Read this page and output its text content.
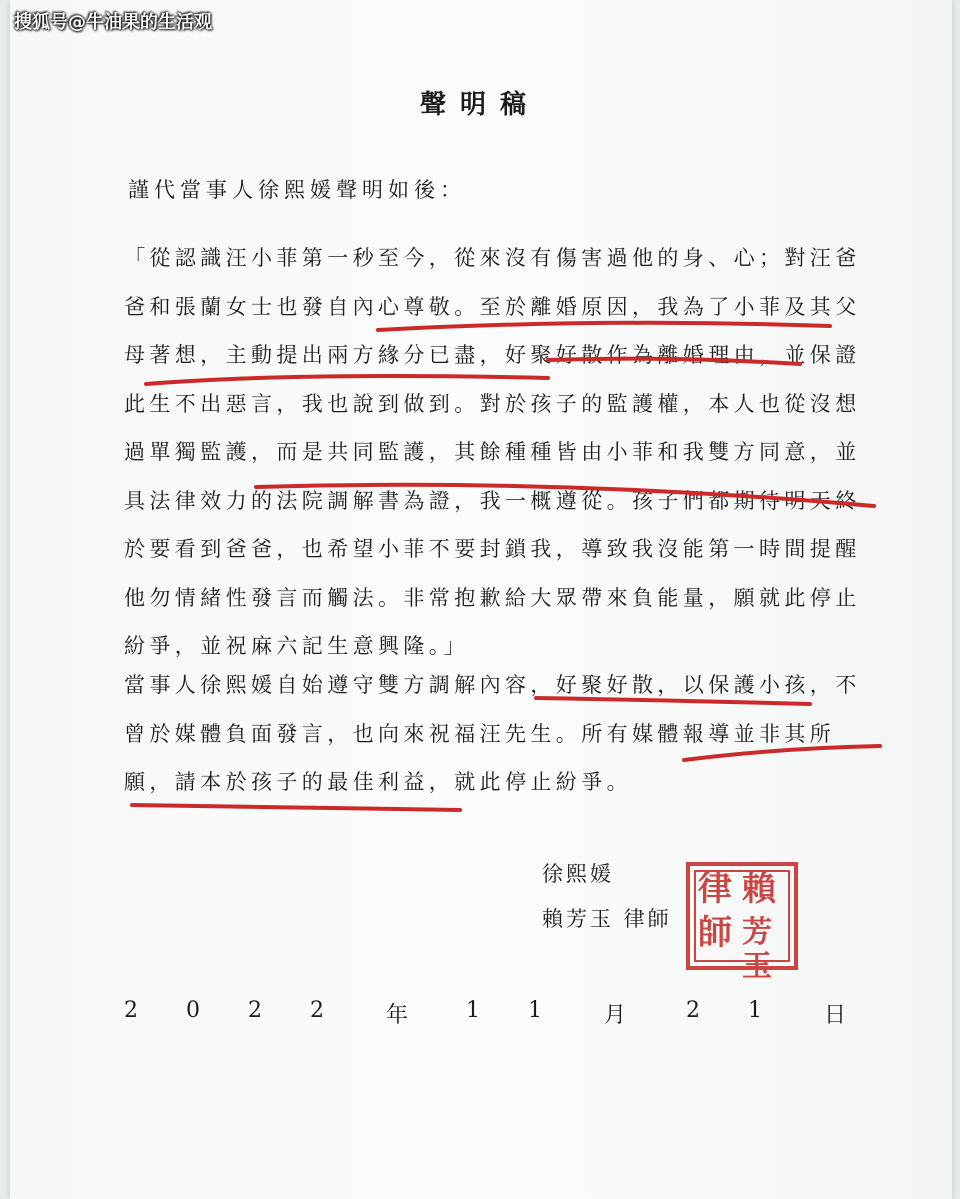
搜狐号@牛油果的生活观
聲明稿
謹代當事人徐熙媛聲明如後：
「從認識汪小菲第一秒至今，從來沒有傷害過他的身、心；對汪爸爸和張蘭女士也發自內心尊敬。至於離婚原因，我為了小菲及其父母著想，主動提出兩方緣分已盡，好聚好散作為離婚理由，並保證此生不出惡言，我也說到做到。對於孩子的監護權，本人也從沒想過單獨監護，而是共同監護，其餘種種皆由小菲和我雙方同意，並具法律效力的法院調解書為證，我一概遵從。孩子們都期待明天終於要看到爸爸，也希望小菲不要封鎖我，導致我沒能第一時間提醒他勿情緒性發言而觸法。非常抱歉給大眾帶來負能量，願就此停止紛爭，並祝麻六記生意興隆。」
當事人徐熙媛自始遵守雙方調解內容，好聚好散，以保護小孩，不曾於媒體負面發言，也向來祝福汪先生。所有媒體報導並非其所願，請本於孩子的最佳利益，就此停止紛爭。
徐熙媛
賴芳玉 律師
賴
芳玉
律
師
2 0 2 2	年	1 1	月	2 1	日
